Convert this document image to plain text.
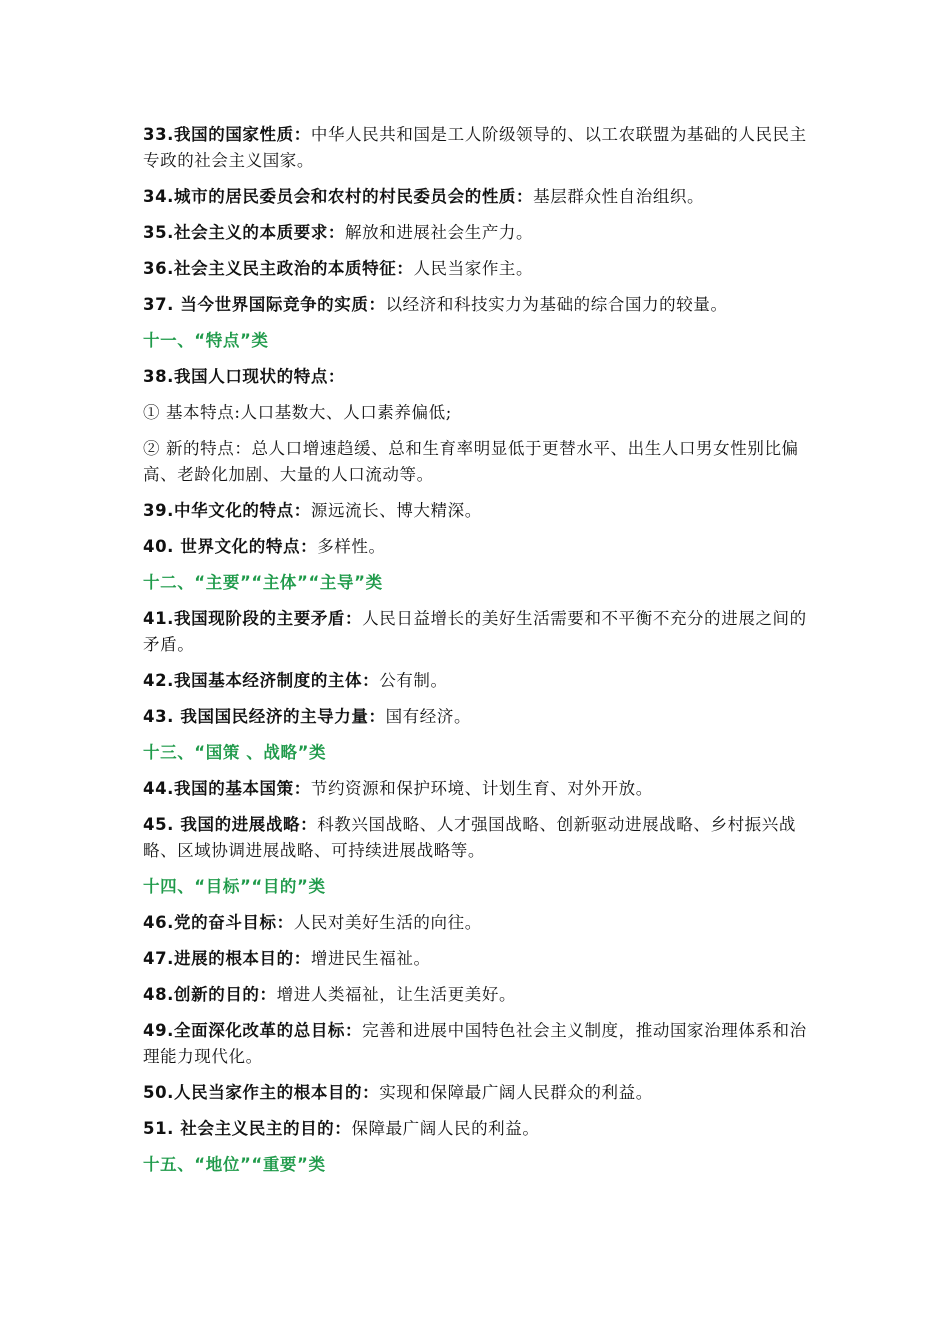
33.我国的国家性质：中华人民共和国是工人阶级领导的、以工农联盟为基础的人民民主专政的社会主义国家。
34.城市的居民委员会和农村的村民委员会的性质：基层群众性自治组织。
35.社会主义的本质要求：解放和进展社会生产力。
36.社会主义民主政治的本质特征：人民当家作主。
37. 当今世界国际竞争的实质：以经济和科技实力为基础的综合国力的较量。
十一、“特点”类
38.我国人口现状的特点：
① 基本特点:人口基数大、人口素养偏低;
② 新的特点：总人口增速趋缓、总和生育率明显低于更替水平、出生人口男女性别比偏高、老龄化加剧、大量的人口流动等。
39.中华文化的特点：源远流长、博大精深。
40. 世界文化的特点：多样性。
十二、“主要”“主体”“主导”类
41.我国现阶段的主要矛盾：人民日益增长的美好生活需要和不平衡不充分的进展之间的矛盾。
42.我国基本经济制度的主体：公有制。
43. 我国国民经济的主导力量：国有经济。
十三、“国策 、战略”类
44.我国的基本国策：节约资源和保护环境、计划生育、对外开放。
45. 我国的进展战略：科教兴国战略、人才强国战略、创新驱动进展战略、乡村振兴战略、区域协调进展战略、可持续进展战略等。
十四、“目标”“目的”类
46.党的奋斗目标：人民对美好生活的向往。
47.进展的根本目的：增进民生福祉。
48.创新的目的：增进人类福祉，让生活更美好。
49.全面深化改革的总目标：完善和进展中国特色社会主义制度，推动国家治理体系和治理能力现代化。
50.人民当家作主的根本目的：实现和保障最广阔人民群众的利益。
51. 社会主义民主的目的：保障最广阔人民的利益。
十五、“地位”“重要”类
